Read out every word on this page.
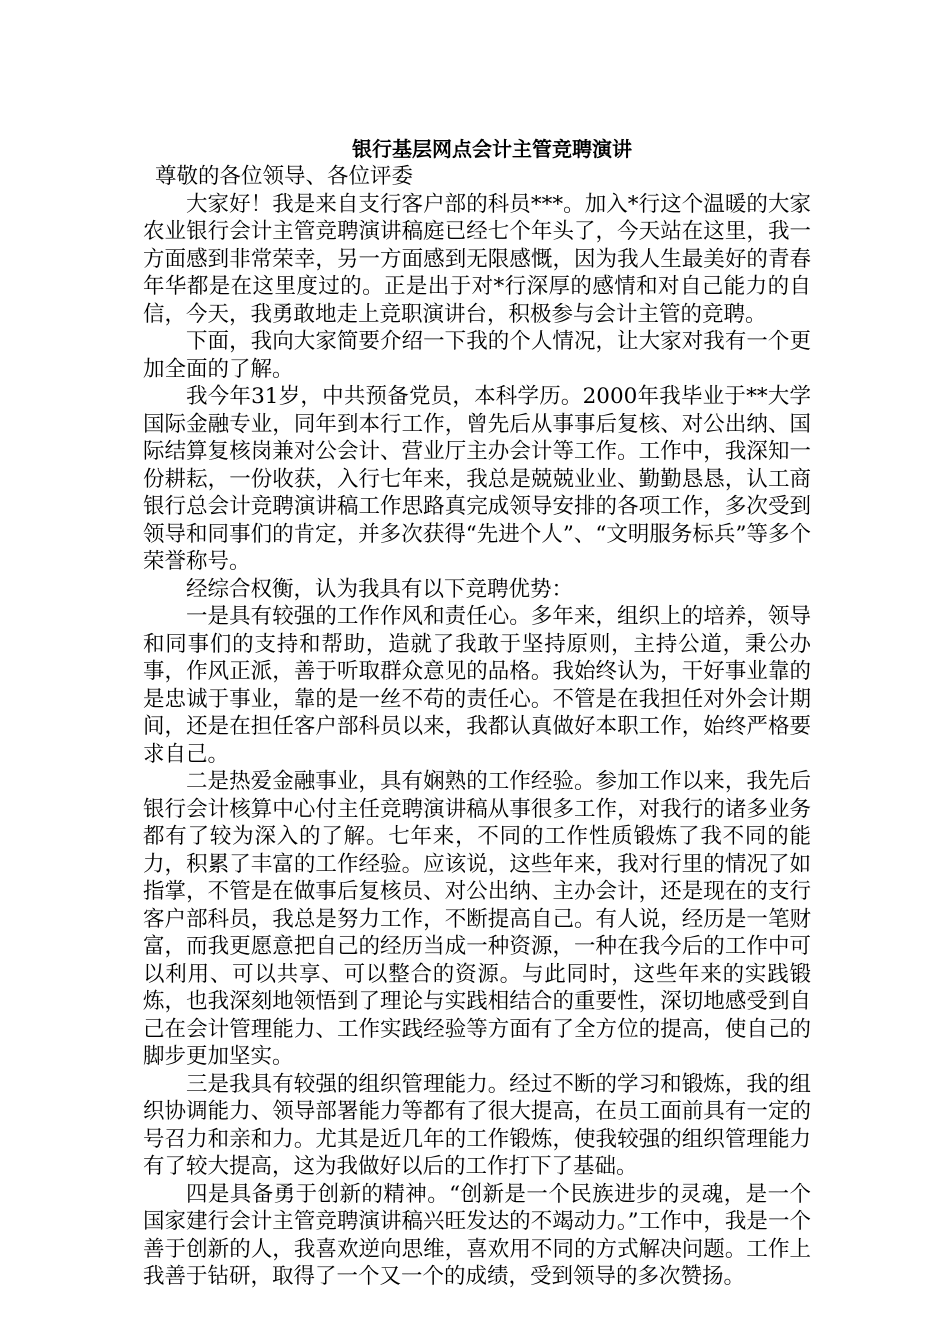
银行基层网点会计主管竞聘演讲

尊敬的各位领导、各位评委

大家好！我是来自支行客户部的科员***。加入*行这个温暖的大家农业银行会计主管竞聘演讲稿庭已经七个年头了，今天站在这里，我一方面感到非常荣幸，另一方面感到无限感慨，因为我人生最美好的青春年华都是在这里度过的。正是出于对*行深厚的感情和对自己能力的自信，今天，我勇敢地走上竞职演讲台，积极参与会计主管的竞聘。

下面，我向大家简要介绍一下我的个人情况，让大家对我有一个更加全面的了解。

我今年31岁，中共预备党员，本科学历。2000年我毕业于**大学国际金融专业，同年到本行工作，曾先后从事事后复核、对公出纳、国际结算复核岗兼对公会计、营业厅主办会计等工作。工作中，我深知一份耕耘，一份收获，入行七年来，我总是兢兢业业、勤勤恳恳，认工商银行总会计竞聘演讲稿工作思路真完成领导安排的各项工作，多次受到领导和同事们的肯定，并多次获得“先进个人”、“文明服务标兵”等多个荣誉称号。

经综合权衡，认为我具有以下竞聘优势：

一是具有较强的工作作风和责任心。多年来，组织上的培养，领导和同事们的支持和帮助，造就了我敢于坚持原则，主持公道，秉公办事，作风正派，善于听取群众意见的品格。我始终认为，干好事业靠的是忠诚于事业，靠的是一丝不苟的责任心。不管是在我担任对外会计期间，还是在担任客户部科员以来，我都认真做好本职工作，始终严格要求自己。

二是热爱金融事业，具有娴熟的工作经验。参加工作以来，我先后银行会计核算中心付主任竞聘演讲稿从事很多工作，对我行的诸多业务都有了较为深入的了解。七年来，不同的工作性质锻炼了我不同的能力，积累了丰富的工作经验。应该说，这些年来，我对行里的情况了如指掌，不管是在做事后复核员、对公出纳、主办会计，还是现在的支行客户部科员，我总是努力工作，不断提高自己。有人说，经历是一笔财富，而我更愿意把自己的经历当成一种资源，一种在我今后的工作中可以利用、可以共享、可以整合的资源。与此同时，这些年来的实践锻炼，也我深刻地领悟到了理论与实践相结合的重要性，深切地感受到自己在会计管理能力、工作实践经验等方面有了全方位的提高，使自己的脚步更加坚实。

三是我具有较强的组织管理能力。经过不断的学习和锻炼，我的组织协调能力、领导部署能力等都有了很大提高，在员工面前具有一定的号召力和亲和力。尤其是近几年的工作锻炼，使我较强的组织管理能力有了较大提高，这为我做好以后的工作打下了基础。

四是具备勇于创新的精神。“创新是一个民族进步的灵魂，是一个国家建行会计主管竞聘演讲稿兴旺发达的不竭动力。”工作中，我是一个善于创新的人，我喜欢逆向思维，喜欢用不同的方式解决问题。工作上我善于钻研，取得了一个又一个的成绩，受到领导的多次赞扬。
